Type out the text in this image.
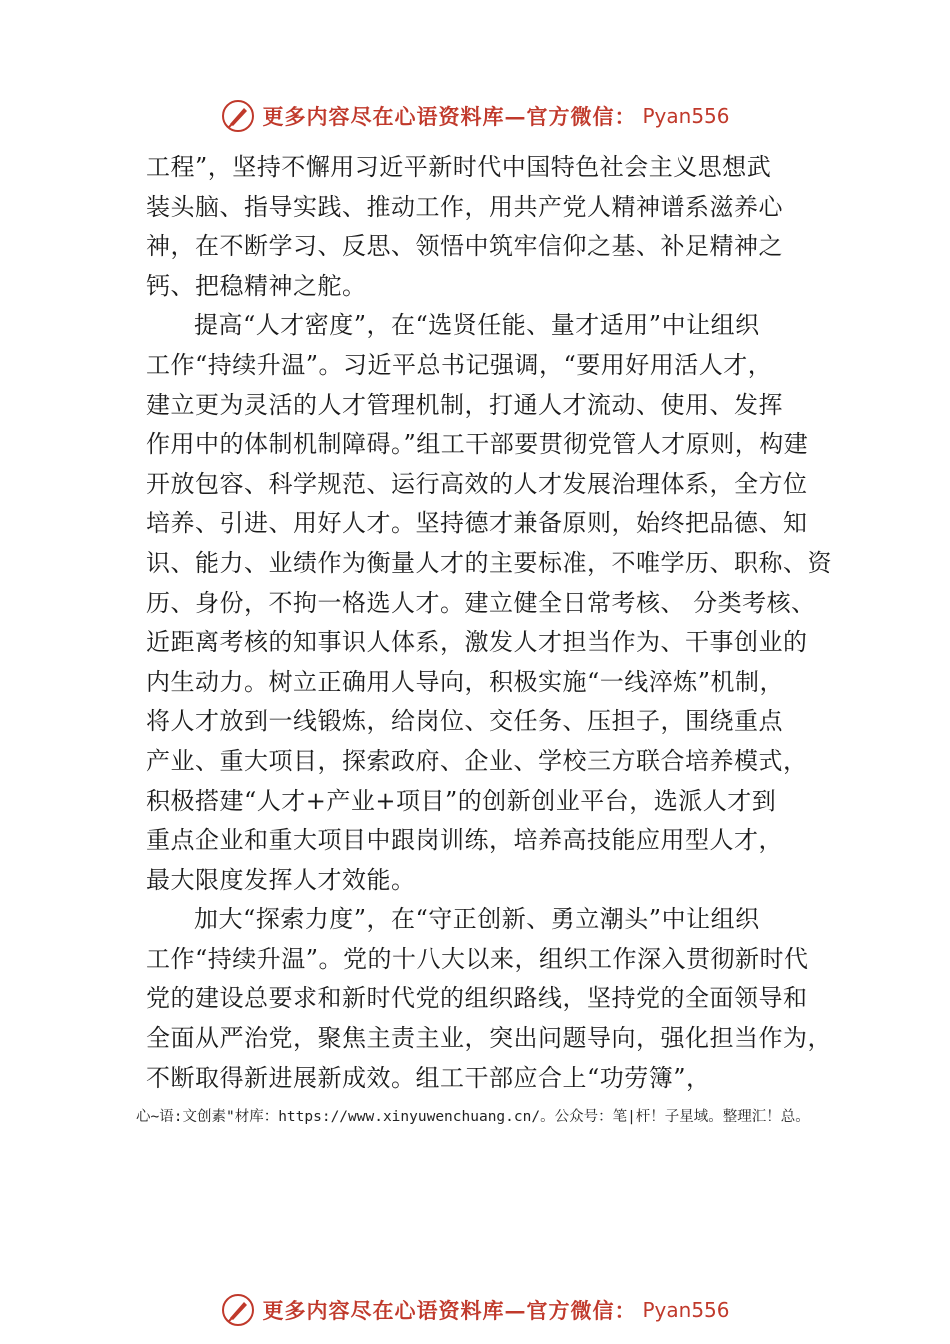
更多内容尽在心语资料库—官方微信： Pyan556
工程”，坚持不懈用习近平新时代中国特色社会主义思想武
装头脑、指导实践、推动工作，用共产党人精神谱系滋养心
神，在不断学习、反思、领悟中筑牢信仰之基、补足精神之
钙、把稳精神之舵。
提高“人才密度”，在“选贤任能、量才适用”中让组织
工作“持续升温”。习近平总书记强调，“要用好用活人才，
建立更为灵活的人才管理机制，打通人才流动、使用、发挥
作用中的体制机制障碍。”组工干部要贯彻党管人才原则，构建
开放包容、科学规范、运行高效的人才发展治理体系，全方位
培养、引进、用好人才。坚持德才兼备原则，始终把品德、知
识、能力、业绩作为衡量人才的主要标准，不唯学历、职称、资
历、身份，不拘一格选人才。建立健全日常考核、 分类考核、
近距离考核的知事识人体系，激发人才担当作为、干事创业的
内生动力。树立正确用人导向，积极实施“一线淬炼”机制，
将人才放到一线锻炼，给岗位、交任务、压担子，围绕重点
产业、重大项目，探索政府、企业、学校三方联合培养模式，
积极搭建“人才+产业+项目”的创新创业平台，选派人才到
重点企业和重大项目中跟岗训练，培养高技能应用型人才，
最大限度发挥人才效能。
加大“探索力度”，在“守正创新、勇立潮头”中让组织
工作“持续升温”。党的十八大以来，组织工作深入贯彻新时代
党的建设总要求和新时代党的组织路线，坚持党的全面领导和
全面从严治党，聚焦主责主业，突出问题导向，强化担当作为，
不断取得新进展新成效。组工干部应合上“功劳簿”，
心~语:文创素"材库：https://www.xinyuwenchuang.cn/。公众号：笔|杆！子星域。整理汇！总。
更多内容尽在心语资料库—官方微信： Pyan556
